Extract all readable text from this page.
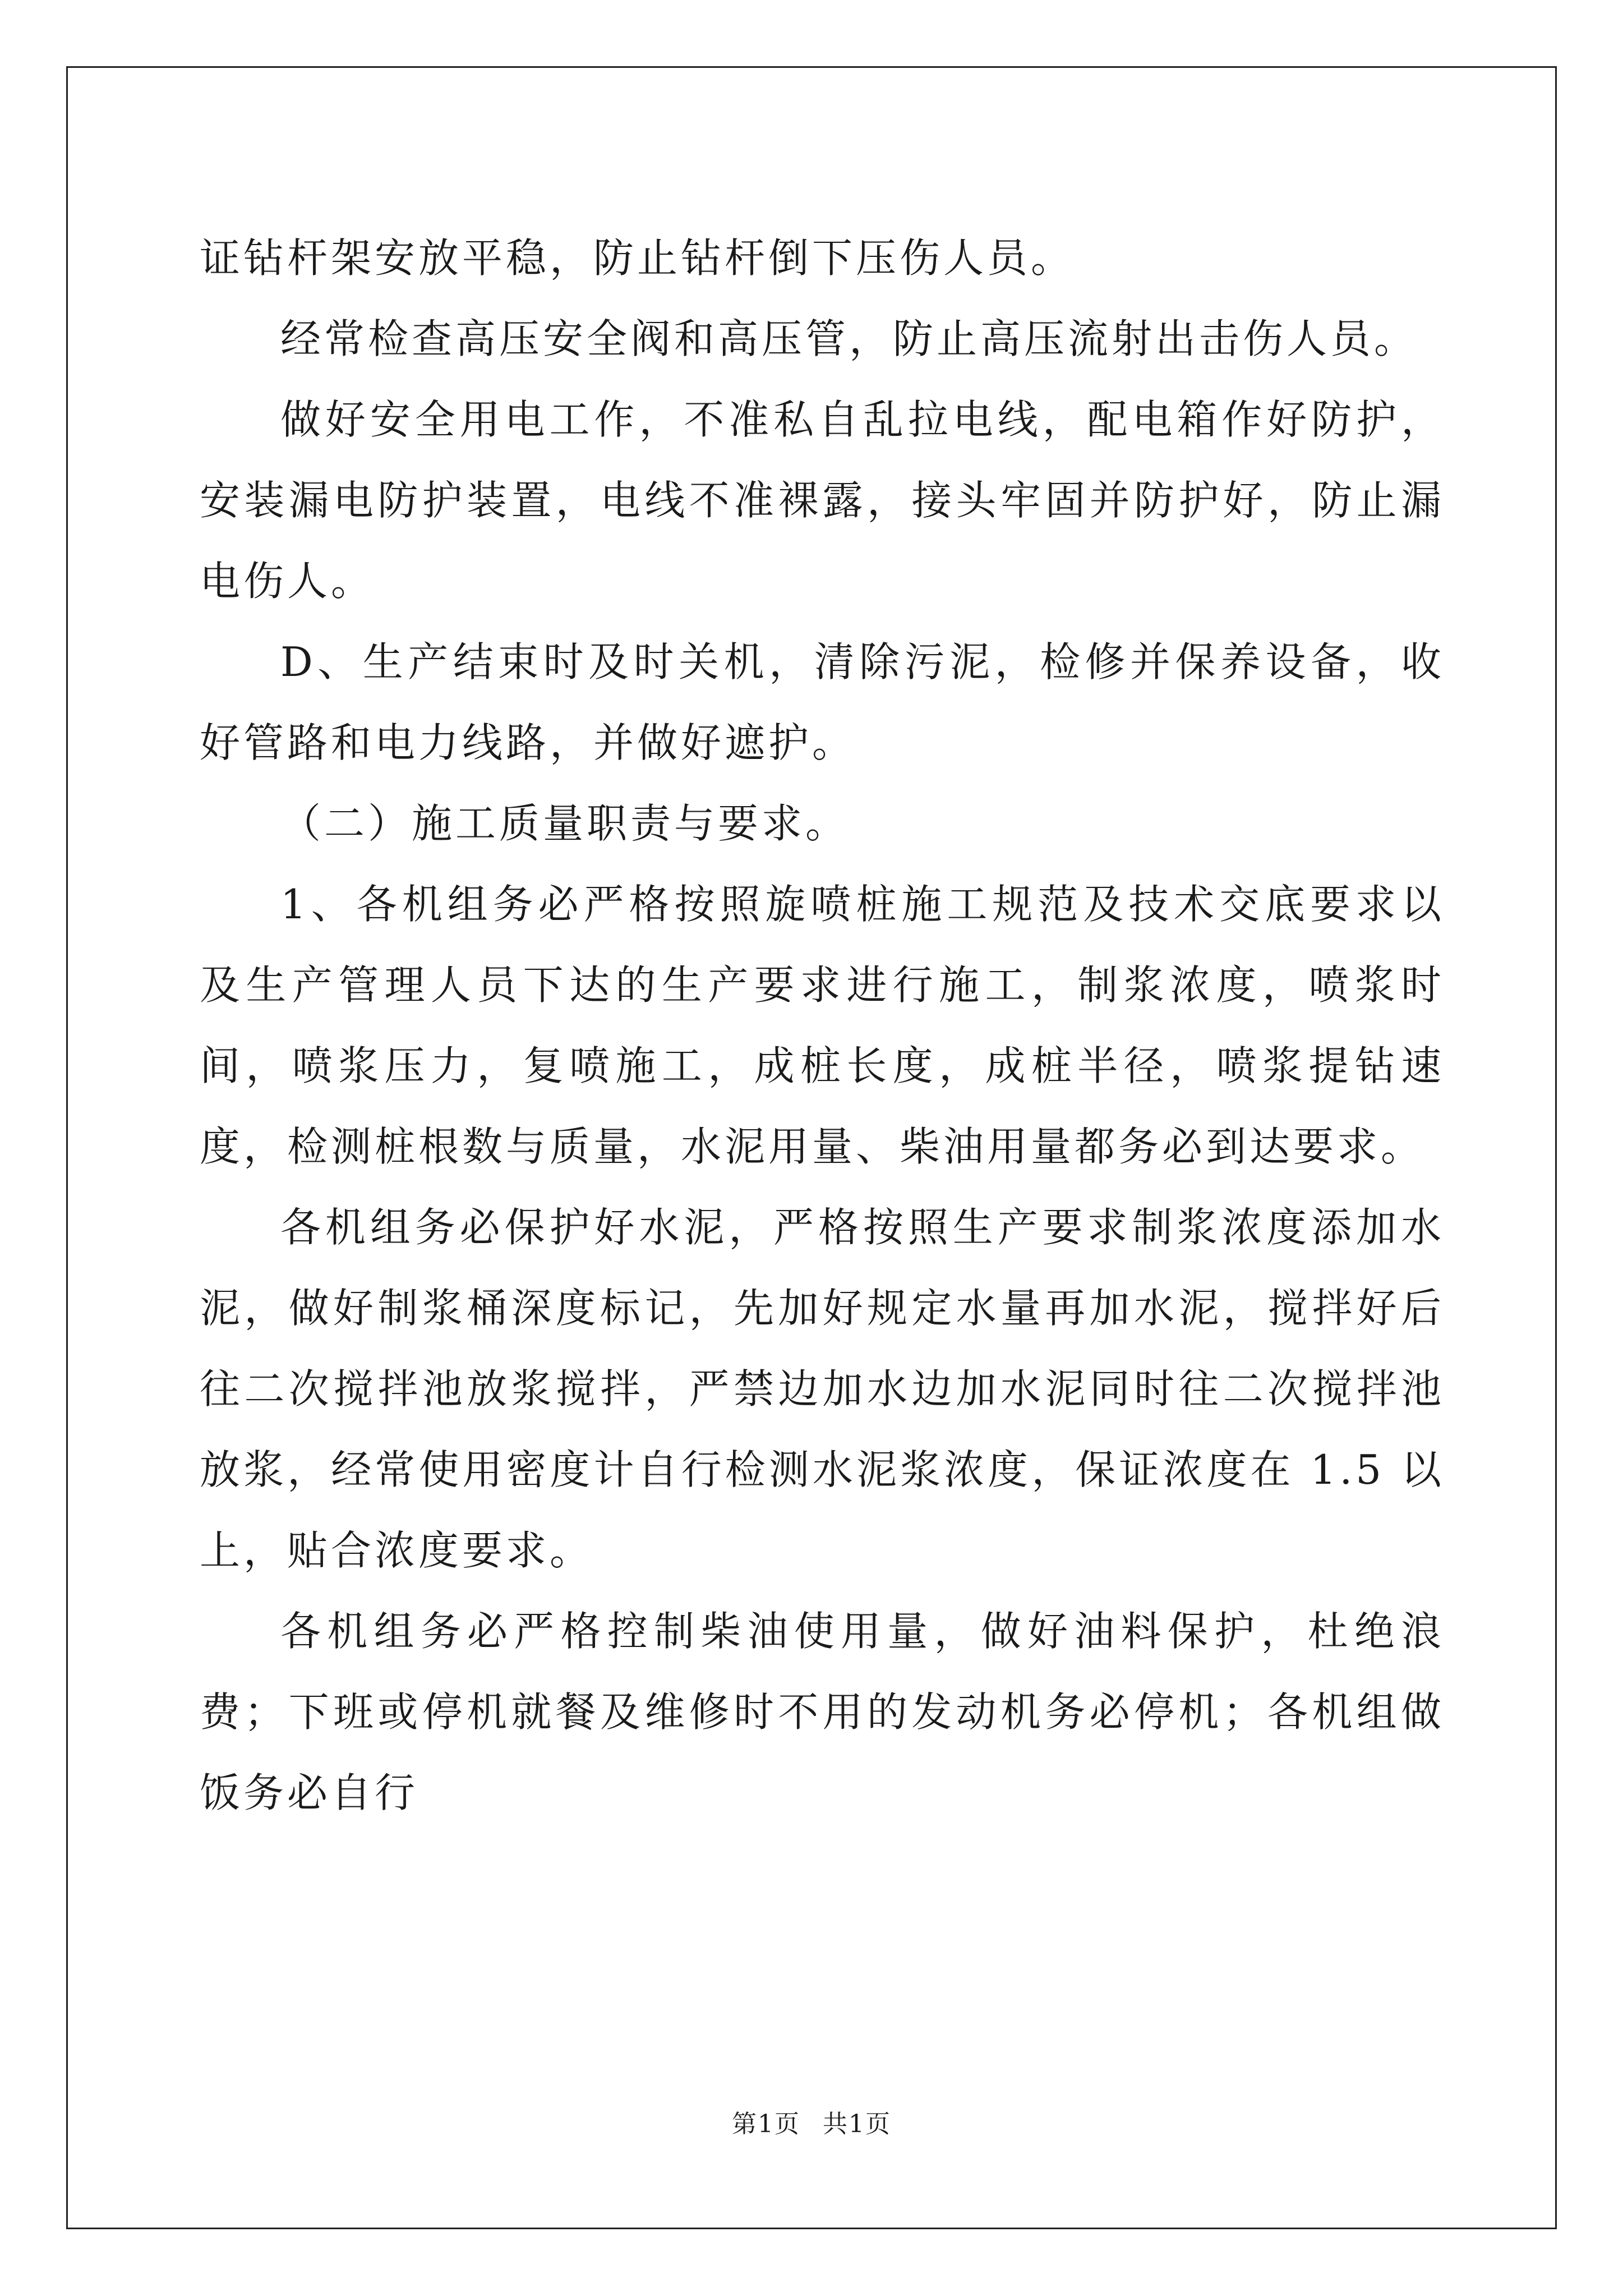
证钻杆架安放平稳，防止钻杆倒下压伤人员。

经常检查高压安全阀和高压管，防止高压流射出击伤人员。

做好安全用电工作，不准私自乱拉电线，配电箱作好防护，安装漏电防护装置，电线不准裸露，接头牢固并防护好，防止漏电伤人。

D、生产结束时及时关机，清除污泥，检修并保养设备，收好管路和电力线路，并做好遮护。

（二）施工质量职责与要求。

1、各机组务必严格按照旋喷桩施工规范及技术交底要求以及生产管理人员下达的生产要求进行施工，制浆浓度，喷浆时间，喷浆压力，复喷施工，成桩长度，成桩半径，喷浆提钻速度，检测桩根数与质量，水泥用量、柴油用量都务必到达要求。

各机组务必保护好水泥，严格按照生产要求制浆浓度添加水泥，做好制浆桶深度标记，先加好规定水量再加水泥，搅拌好后往二次搅拌池放浆搅拌，严禁边加水边加水泥同时往二次搅拌池放浆，经常使用密度计自行检测水泥浆浓度，保证浓度在 1.5 以上，贴合浓度要求。

各机组务必严格控制柴油使用量，做好油料保护，杜绝浪费；下班或停机就餐及维修时不用的发动机务必停机；各机组做饭务必自行

第1页 共1页
